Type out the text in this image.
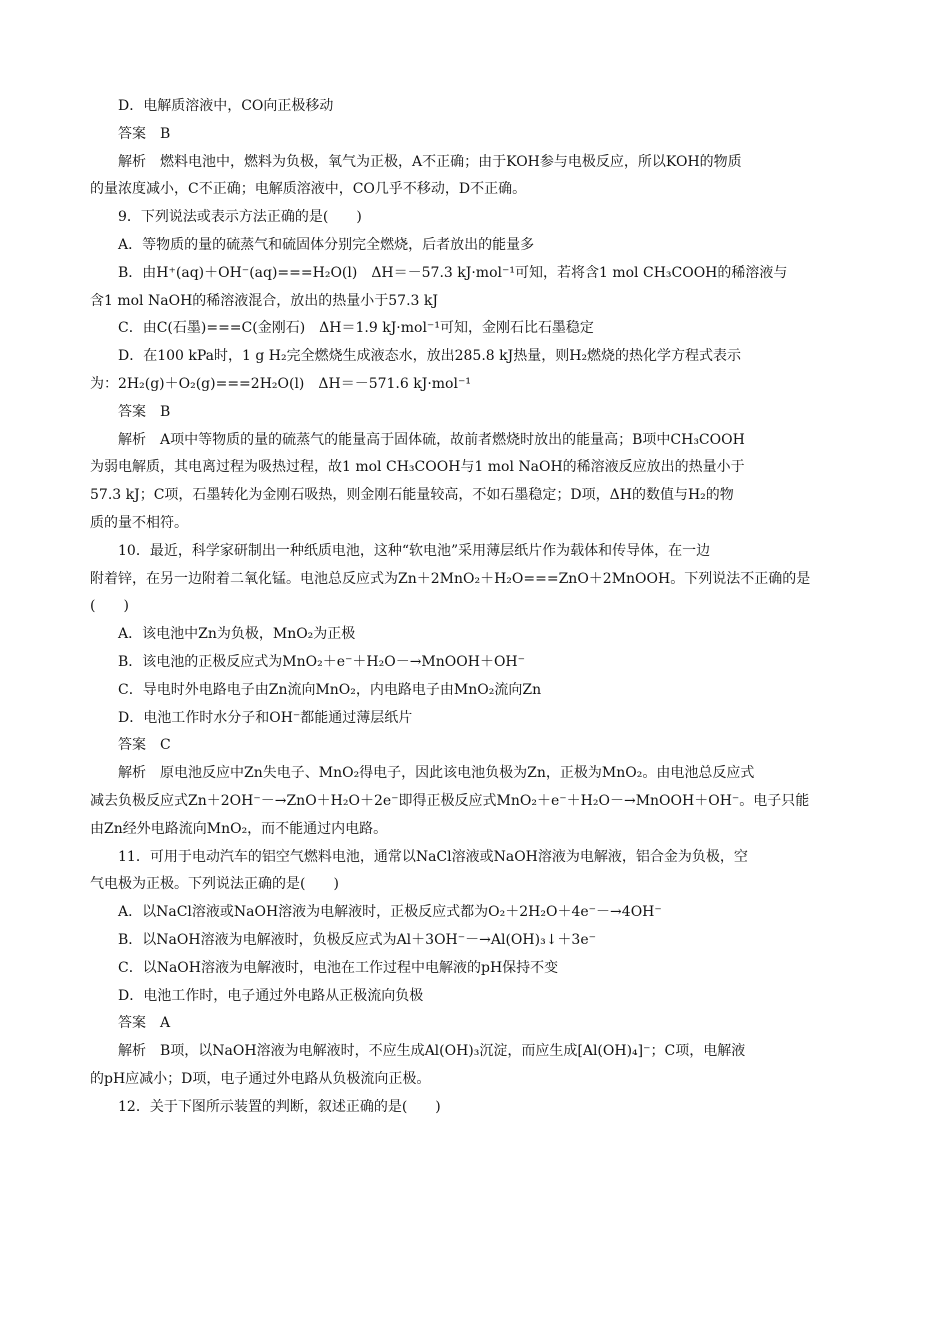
D．电解质溶液中，CO向正极移动
答案　B
解析　燃料电池中，燃料为负极，氧气为正极，A不正确；由于KOH参与电极反应，所以KOH的物质
的量浓度减小，C不正确；电解质溶液中，CO几乎不移动，D不正确。
9．下列说法或表示方法正确的是(　　)
A．等物质的量的硫蒸气和硫固体分别完全燃烧，后者放出的能量多
B．由H⁺(aq)＋OH⁻(aq)===H₂O(l)　ΔH＝－57.3 kJ·mol⁻¹可知，若将含1 mol CH₃COOH的稀溶液与
含1 mol NaOH的稀溶液混合，放出的热量小于57.3 kJ
C．由C(石墨)===C(金刚石)　ΔH＝1.9 kJ·mol⁻¹可知，金刚石比石墨稳定
D．在100 kPa时，1 g H₂完全燃烧生成液态水，放出285.8 kJ热量，则H₂燃烧的热化学方程式表示
为：2H₂(g)＋O₂(g)===2H₂O(l)　ΔH＝－571.6 kJ·mol⁻¹
答案　B
解析　A项中等物质的量的硫蒸气的能量高于固体硫，故前者燃烧时放出的能量高；B项中CH₃COOH
为弱电解质，其电离过程为吸热过程，故1 mol CH₃COOH与1 mol NaOH的稀溶液反应放出的热量小于
57.3 kJ；C项，石墨转化为金刚石吸热，则金刚石能量较高，不如石墨稳定；D项，ΔH的数值与H₂的物
质的量不相符。
10．最近，科学家研制出一种纸质电池，这种“软电池”采用薄层纸片作为载体和传导体，在一边
附着锌，在另一边附着二氧化锰。电池总反应式为Zn＋2MnO₂＋H₂O===ZnO＋2MnOOH。下列说法不正确的是
(　　)
A．该电池中Zn为负极，MnO₂为正极
B．该电池的正极反应式为MnO₂＋e⁻＋H₂O－→MnOOH＋OH⁻
C．导电时外电路电子由Zn流向MnO₂，内电路电子由MnO₂流向Zn
D．电池工作时水分子和OH⁻都能通过薄层纸片
答案　C
解析　原电池反应中Zn失电子、MnO₂得电子，因此该电池负极为Zn，正极为MnO₂。由电池总反应式
减去负极反应式Zn＋2OH⁻－→ZnO＋H₂O＋2e⁻即得正极反应式MnO₂＋e⁻＋H₂O－→MnOOH＋OH⁻。电子只能
由Zn经外电路流向MnO₂，而不能通过内电路。
11．可用于电动汽车的铝空气燃料电池，通常以NaCl溶液或NaOH溶液为电解液，铝合金为负极，空
气电极为正极。下列说法正确的是(　　)
A．以NaCl溶液或NaOH溶液为电解液时，正极反应式都为O₂＋2H₂O＋4e⁻－→4OH⁻
B．以NaOH溶液为电解液时，负极反应式为Al＋3OH⁻－→Al(OH)₃↓＋3e⁻
C．以NaOH溶液为电解液时，电池在工作过程中电解液的pH保持不变
D．电池工作时，电子通过外电路从正极流向负极
答案　A
解析　B项，以NaOH溶液为电解液时，不应生成Al(OH)₃沉淀，而应生成[Al(OH)₄]⁻；C项，电解液
的pH应减小；D项，电子通过外电路从负极流向正极。
12．关于下图所示装置的判断，叙述正确的是(　　)
